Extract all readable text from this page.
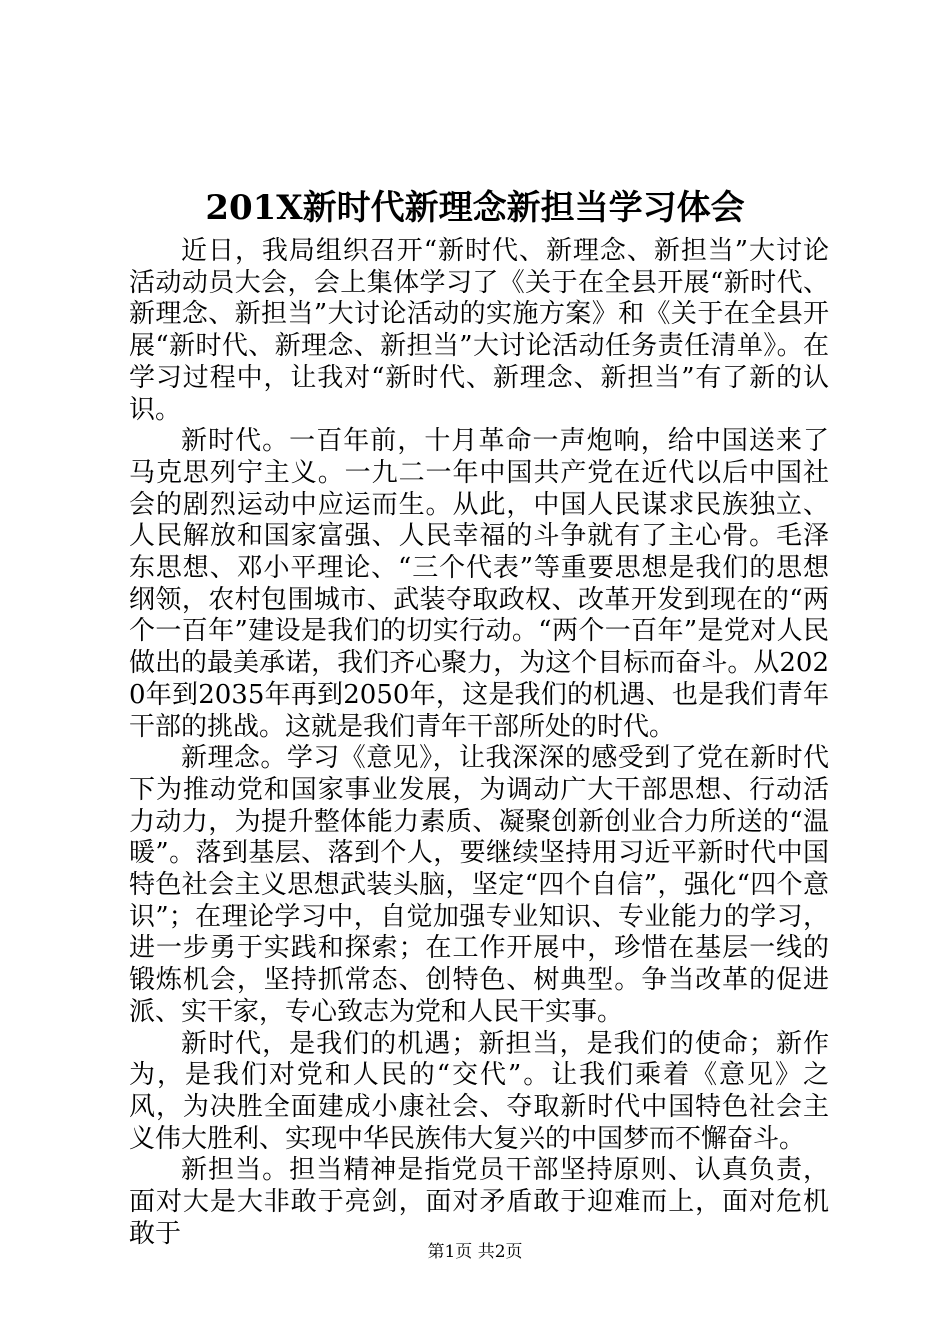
201X新时代新理念新担当学习体会

近日，我局组织召开“新时代、新理念、新担当”大讨论活动动员大会，会上集体学习了《关于在全县开展“新时代、新理念、新担当”大讨论活动的实施方案》和《关于在全县开展“新时代、新理念、新担当”大讨论活动任务责任清单》。在学习过程中，让我对“新时代、新理念、新担当”有了新的认识。

新时代。一百年前，十月革命一声炮响，给中国送来了马克思列宁主义。一九二一年中国共产党在近代以后中国社会的剧烈运动中应运而生。从此，中国人民谋求民族独立、人民解放和国家富强、人民幸福的斗争就有了主心骨。毛泽东思想、邓小平理论、“三个代表”等重要思想是我们的思想纲领，农村包围城市、武装夺取政权、改革开发到现在的“两个一百年”建设是我们的切实行动。“两个一百年”是党对人民做出的最美承诺，我们齐心聚力，为这个目标而奋斗。从2020年到2035年再到2050年，这是我们的机遇、也是我们青年干部的挑战。这就是我们青年干部所处的时代。

新理念。学习《意见》，让我深深的感受到了党在新时代下为推动党和国家事业发展，为调动广大干部思想、行动活力动力，为提升整体能力素质、凝聚创新创业合力所送的“温暖”。落到基层、落到个人，要继续坚持用习近平新时代中国特色社会主义思想武装头脑，坚定“四个自信”，强化“四个意识”；在理论学习中，自觉加强专业知识、专业能力的学习，进一步勇于实践和探索；在工作开展中，珍惜在基层一线的锻炼机会，坚持抓常态、创特色、树典型。争当改革的促进派、实干家，专心致志为党和人民干实事。

新时代，是我们的机遇；新担当，是我们的使命；新作为，是我们对党和人民的“交代”。让我们乘着《意见》之风，为决胜全面建成小康社会、夺取新时代中国特色社会主义伟大胜利、实现中华民族伟大复兴的中国梦而不懈奋斗。

新担当。担当精神是指党员干部坚持原则、认真负责，面对大是大非敢于亮剑，面对矛盾敢于迎难而上，面对危机敢于

第1页 共2页
